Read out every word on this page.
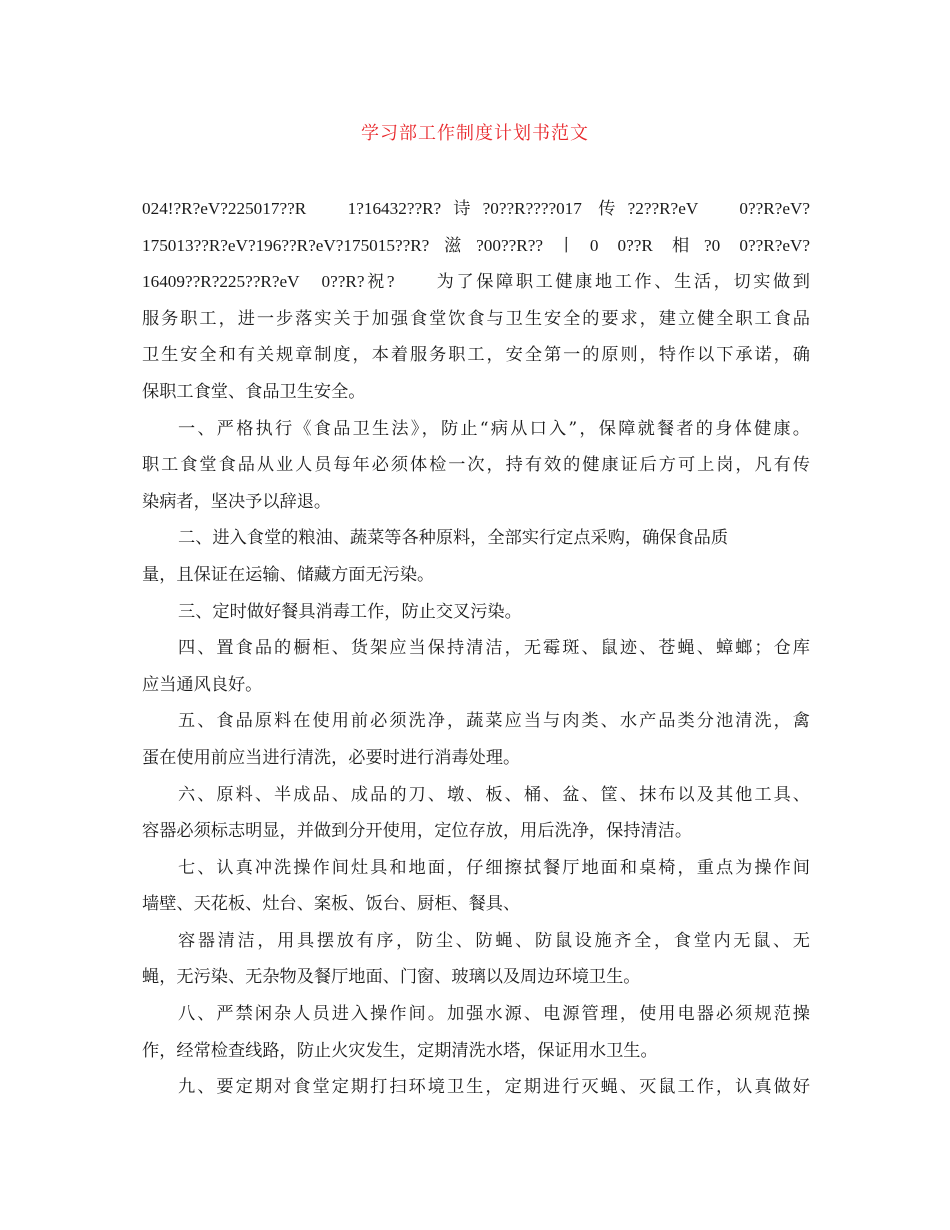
学习部工作制度计划书范文
024!?R?eV?225017??R　1?16432??R?诗?0??R????017 传?2??R?eV　0??R?eV?
175013??R?eV?196??R?eV?175015??R?滋?00??R??丨0 0??R 相?0 0??R?eV?
16409??R?225??R?eV　0??R?祝?　　为了保障职工健康地工作、生活，切实做到
服务职工，进一步落实关于加强食堂饮食与卫生安全的要求，建立健全职工食品
卫生安全和有关规章制度，本着服务职工，安全第一的原则，特作以下承诺，确
保职工食堂、食品卫生安全。
一、严格执行《食品卫生法》，防止“病从口入”，保障就餐者的身体健康。
职工食堂食品从业人员每年必须体检一次，持有效的健康证后方可上岗，凡有传
染病者，坚决予以辞退。
二、进入食堂的粮油、蔬菜等各种原料，全部实行定点采购，确保食品质
量，且保证在运输、储藏方面无污染。
三、定时做好餐具消毒工作，防止交叉污染。
四、置食品的橱柜、货架应当保持清洁，无霉斑、鼠迹、苍蝇、蟑螂；仓库
应当通风良好。
五、食品原料在使用前必须洗净，蔬菜应当与肉类、水产品类分池清洗，禽
蛋在使用前应当进行清洗，必要时进行消毒处理。
六、原料、半成品、成品的刀、墩、板、桶、盆、筐、抹布以及其他工具、
容器必须标志明显，并做到分开使用，定位存放，用后洗净，保持清洁。
七、认真冲洗操作间灶具和地面，仔细擦拭餐厅地面和桌椅，重点为操作间
墙壁、天花板、灶台、案板、饭台、厨柜、餐具、
容器清洁，用具摆放有序，防尘、防蝇、防鼠设施齐全，食堂内无鼠、无
蝇，无污染、无杂物及餐厅地面、门窗、玻璃以及周边环境卫生。
八、严禁闲杂人员进入操作间。加强水源、电源管理，使用电器必须规范操
作，经常检查线路，防止火灾发生，定期清洗水塔，保证用水卫生。
九、要定期对食堂定期打扫环境卫生，定期进行灭蝇、灭鼠工作，认真做好
